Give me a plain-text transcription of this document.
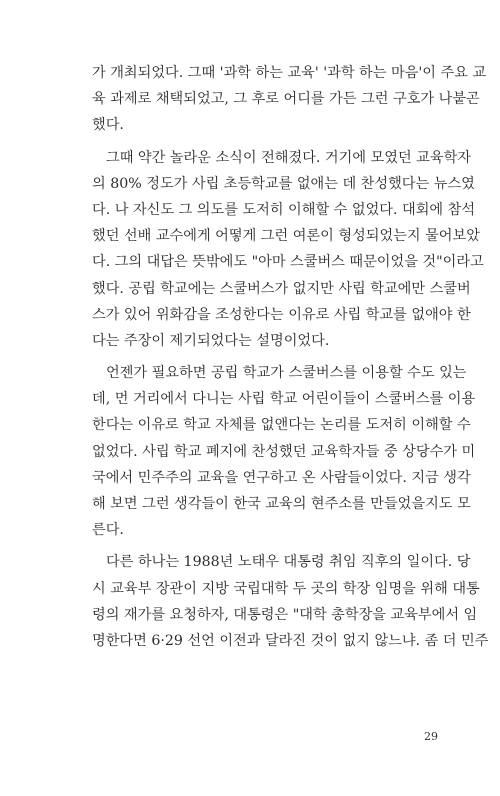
가 개최되었다. 그때 '과학 하는 교육' '과학 하는 마음'이 주요 교
육 과제로 채택되었고, 그 후로 어디를 가든 그런 구호가 나붙곤
했다.
그때 약간 놀라운 소식이 전해졌다. 거기에 모였던 교육학자
의 80% 정도가 사립 초등학교를 없애는 데 찬성했다는 뉴스였
다. 나 자신도 그 의도를 도저히 이해할 수 없었다. 대회에 참석
했던 선배 교수에게 어떻게 그런 여론이 형성되었는지 물어보았
다. 그의 대답은 뜻밖에도 "아마 스쿨버스 때문이었을 것"이라고
했다. 공립 학교에는 스쿨버스가 없지만 사립 학교에만 스쿨버
스가 있어 위화감을 조성한다는 이유로 사립 학교를 없애야 한
다는 주장이 제기되었다는 설명이었다.
언젠가 필요하면 공립 학교가 스쿨버스를 이용할 수도 있는
데, 먼 거리에서 다니는 사립 학교 어린이들이 스쿨버스를 이용
한다는 이유로 학교 자체를 없앤다는 논리를 도저히 이해할 수
없었다. 사립 학교 폐지에 찬성했던 교육학자들 중 상당수가 미
국에서 민주주의 교육을 연구하고 온 사람들이었다. 지금 생각
해 보면 그런 생각들이 한국 교육의 현주소를 만들었을지도 모
른다.
다른 하나는 1988년 노태우 대통령 취임 직후의 일이다. 당
시 교육부 장관이 지방 국립대학 두 곳의 학장 임명을 위해 대통
령의 재가를 요청하자, 대통령은 "대학 총학장을 교육부에서 임
명한다면 6·29 선언 이전과 달라진 것이 없지 않느냐. 좀 더 민주
29
